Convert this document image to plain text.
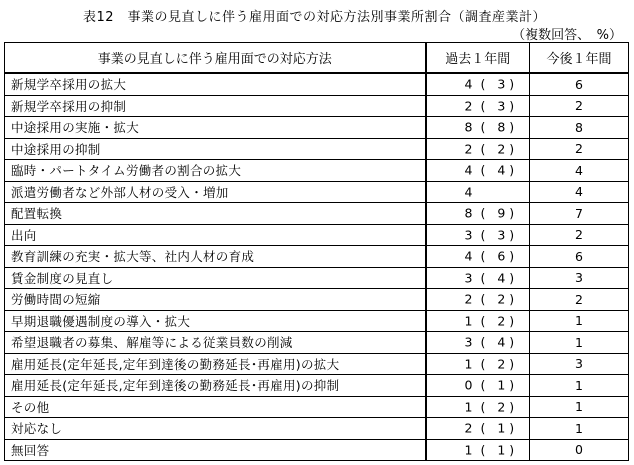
表12　事業の見直しに伴う雇用面での対応方法別事業所割合（調査産業計）
（複数回答、　%）
事業の見直しに伴う雇用面での対応方法	過去１年間	今後１年間
新規学卒採用の拡大	4 ( 3)	6
新規学卒採用の抑制	2 ( 3)	2
中途採用の実施・拡大	8 ( 8)	8
中途採用の抑制	2 ( 2)	2
臨時・パートタイム労働者の割合の拡大	4 ( 4)	4
派遣労働者など外部人材の受入・増加	4	4
配置転換	8 ( 9)	7
出向	3 ( 3)	2
教育訓練の充実・拡大等、社内人材の育成	4 ( 6)	6
賃金制度の見直し	3 ( 4)	3
労働時間の短縮	2 ( 2)	2
早期退職優遇制度の導入・拡大	1 ( 2)	1
希望退職者の募集、解雇等による従業員数の削減	3 ( 4)	1
雇用延長(定年延長,定年到達後の勤務延長･再雇用)の拡大	1 ( 2)	3
雇用延長(定年延長,定年到達後の勤務延長･再雇用)の抑制	0 ( 1)	1
その他	1 ( 2)	1
対応なし	2 ( 1)	1
無回答	1 ( 1)	0
